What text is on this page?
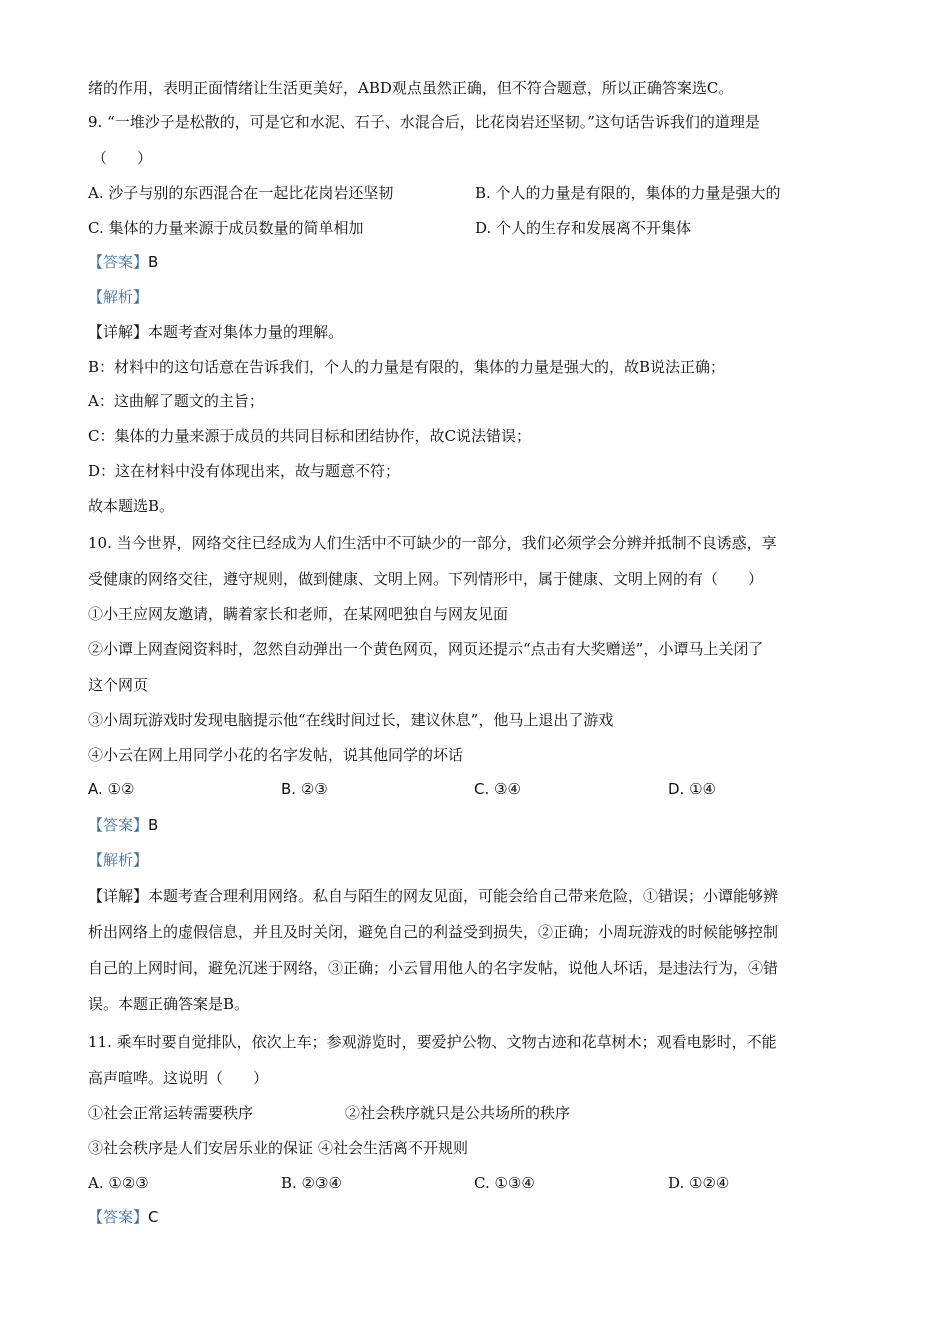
绪的作用，表明正面情绪让生活更美好，ABD观点虽然正确，但不符合题意，所以正确答案选C。
9. “一堆沙子是松散的，可是它和水泥、石子、水混合后，比花岗岩还坚韧。”这句话告诉我们的道理是
（　　）
A. 沙子与别的东西混合在一起比花岗岩还坚韧	B. 个人的力量是有限的，集体的力量是强大的
C. 集体的力量来源于成员数量的简单相加	D. 个人的生存和发展离不开集体
【答案】B
【解析】
【详解】本题考查对集体力量的理解。
B：材料中的这句话意在告诉我们，个人的力量是有限的，集体的力量是强大的，故B说法正确；
A：这曲解了题文的主旨；
C：集体的力量来源于成员的共同目标和团结协作，故C说法错误；
D：这在材料中没有体现出来，故与题意不符；
故本题选B。
10. 当今世界，网络交往已经成为人们生活中不可缺少的一部分，我们必须学会分辨并抵制不良诱惑，享
受健康的网络交往，遵守规则，做到健康、文明上网。下列情形中，属于健康、文明上网的有（　　）
①小王应网友邀请，瞒着家长和老师，在某网吧独自与网友见面
②小谭上网查阅资料时，忽然自动弹出一个黄色网页，网页还提示“点击有大奖赠送”，小谭马上关闭了
这个网页
③小周玩游戏时发现电脑提示他“在线时间过长，建议休息”，他马上退出了游戏
④小云在网上用同学小花的名字发帖，说其他同学的坏话
A. ①②	B. ②③	C. ③④	D. ①④
【答案】B
【解析】
【详解】本题考查合理利用网络。私自与陌生的网友见面，可能会给自己带来危险，①错误；小谭能够辨
析出网络上的虚假信息，并且及时关闭，避免自己的利益受到损失，②正确；小周玩游戏的时候能够控制
自己的上网时间，避免沉迷于网络，③正确；小云冒用他人的名字发帖，说他人坏话，是违法行为，④错
误。本题正确答案是B。
11. 乘车时要自觉排队，依次上车；参观游览时，要爱护公物、文物古迹和花草树木；观看电影时，不能
高声喧哗。这说明（　　）
①社会正常运转需要秩序	②社会秩序就只是公共场所的秩序
③社会秩序是人们安居乐业的保证 ④社会生活离不开规则
A. ①②③	B. ②③④	C. ①③④	D. ①②④
【答案】C
